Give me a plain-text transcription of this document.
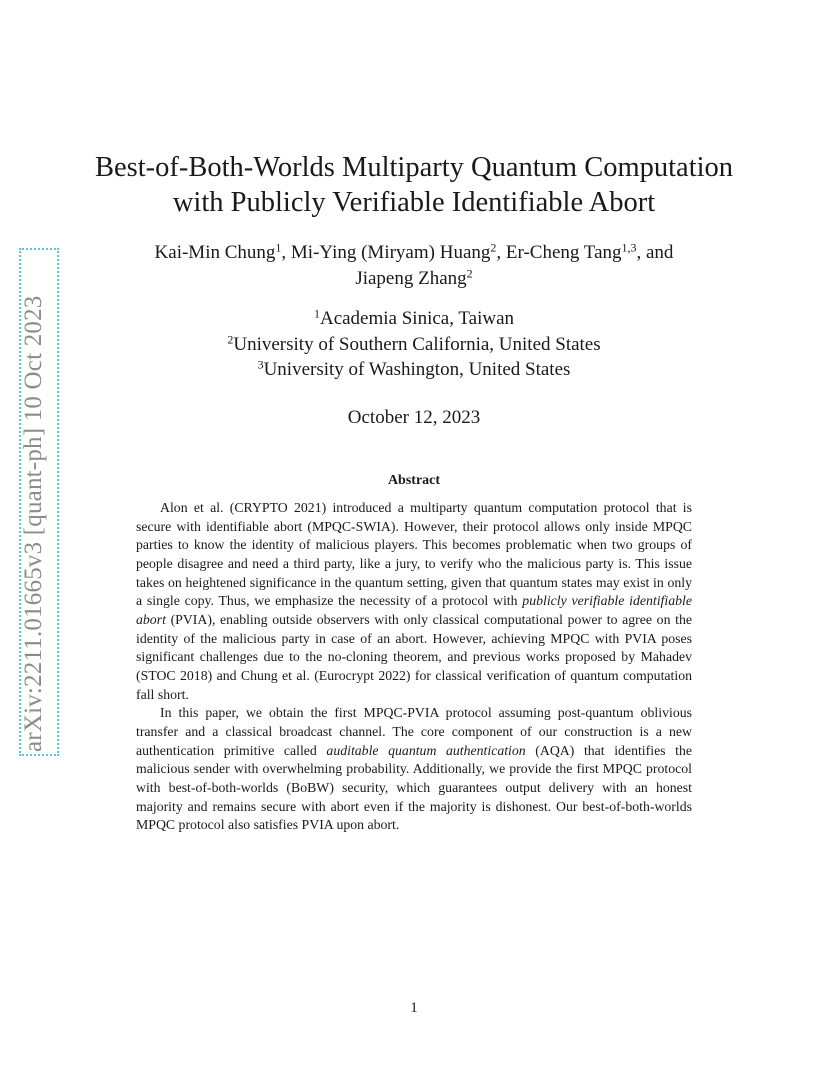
arXiv:2211.01665v3 [quant-ph] 10 Oct 2023
Best-of-Both-Worlds Multiparty Quantum Computation
with Publicly Verifiable Identifiable Abort
Kai-Min Chung$^1$, Mi-Ying (Miryam) Huang$^2$, Er-Cheng Tang$^{1,3}$, and
Jiapeng Zhang$^2$
$^1$Academia Sinica, Taiwan
$^2$University of Southern California, United States
$^3$University of Washington, United States
October 12, 2023
Abstract

Alon et al. (CRYPTO 2021) introduced a multiparty quantum computation protocol that is secure with identifiable abort (MPQC-SWIA). However, their protocol allows only inside MPQC parties to know the identity of malicious players. This becomes problematic when two groups of people disagree and need a third party, like a jury, to verify who the malicious party is. This issue takes on heightened significance in the quantum setting, given that quantum states may exist in only a single copy. Thus, we emphasize the necessity of a protocol with publicly verifiable identifiable abort (PVIA), enabling outside observers with only classical computational power to agree on the identity of the malicious party in case of an abort. However, achieving MPQC with PVIA poses significant challenges due to the no-cloning theorem, and previous works proposed by Mahadev (STOC 2018) and Chung et al. (Eurocrypt 2022) for classical verification of quantum computation fall short.

In this paper, we obtain the first MPQC-PVIA protocol assuming post-quantum oblivious transfer and a classical broadcast channel. The core component of our construction is a new authentication primitive called auditable quantum authentication (AQA) that identifies the malicious sender with overwhelming probability. Additionally, we provide the first MPQC protocol with best-of-both-worlds (BoBW) security, which guarantees output delivery with an honest majority and remains secure with abort even if the majority is dishonest. Our best-of-both-worlds MPQC protocol also satisfies PVIA upon abort.

1
